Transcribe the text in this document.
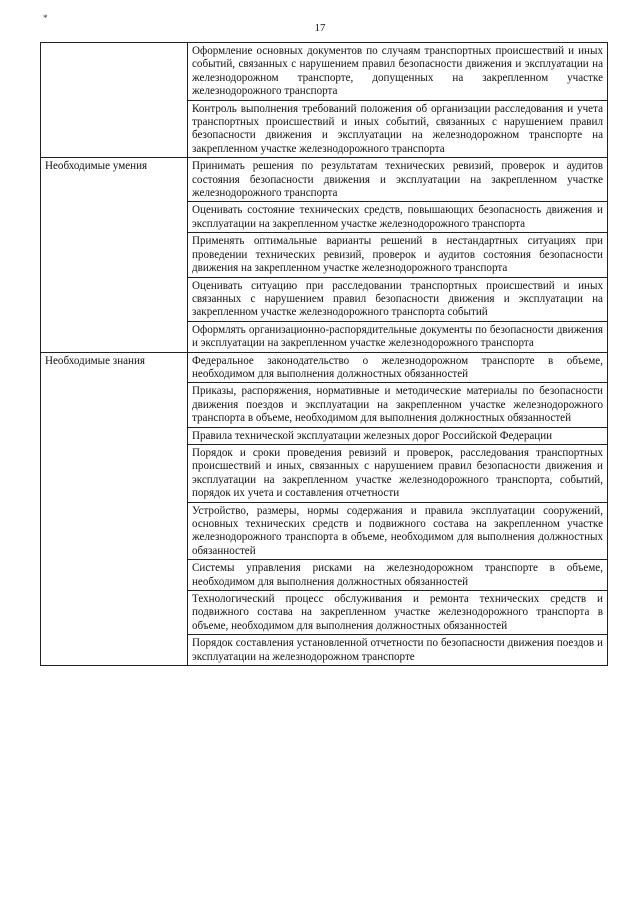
*
17

	Оформление основных документов по случаям транспортных происшествий и иных событий, связанных с нарушением правил безопасности движения и эксплуатации на железнодорожном транспорте, допущенных на закрепленном участке железнодорожного транспорта

	Контроль выполнения требований положения об организации расследования и учета транспортных происшествий и иных событий, связанных с нарушением правил безопасности движения и эксплуатации на железнодорожном транспорте на закрепленном участке железнодорожного транспорта

Необходимые умения	Принимать решения по результатам технических ревизий, проверок и аудитов состояния безопасности движения и эксплуатации на закрепленном участке железнодорожного транспорта

	Оценивать состояние технических средств, повышающих безопасность движения и эксплуатации на закрепленном участке железнодорожного транспорта

	Применять оптимальные варианты решений в нестандартных ситуациях при проведении технических ревизий, проверок и аудитов состояния безопасности движения на закрепленном участке железнодорожного транспорта

	Оценивать ситуацию при расследовании транспортных происшествий и иных связанных с нарушением правил безопасности движения и эксплуатации на закрепленном участке железнодорожного транспорта событий

	Оформлять организационно-распорядительные документы по безопасности движения и эксплуатации на закрепленном участке железнодорожного транспорта

Необходимые знания	Федеральное законодательство о железнодорожном транспорте в объеме, необходимом для выполнения должностных обязанностей

	Приказы, распоряжения, нормативные и методические материалы по безопасности движения поездов и эксплуатации на закрепленном участке железнодорожного транспорта в объеме, необходимом для выполнения должностных обязанностей

	Правила технической эксплуатации железных дорог Российской Федерации

	Порядок и сроки проведения ревизий и проверок, расследования транспортных происшествий и иных, связанных с нарушением правил безопасности движения и эксплуатации на закрепленном участке железнодорожного транспорта, событий, порядок их учета и составления отчетности

	Устройство, размеры, нормы содержания и правила эксплуатации сооружений, основных технических средств и подвижного состава на закрепленном участке железнодорожного транспорта в объеме, необходимом для выполнения должностных обязанностей

	Системы управления рисками на железнодорожном транспорте в объеме, необходимом для выполнения должностных обязанностей

	Технологический процесс обслуживания и ремонта технических средств и подвижного состава на закрепленном участке железнодорожного транспорта в объеме, необходимом для выполнения должностных обязанностей

	Порядок составления установленной отчетности по безопасности движения поездов и эксплуатации на железнодорожном транспорте
